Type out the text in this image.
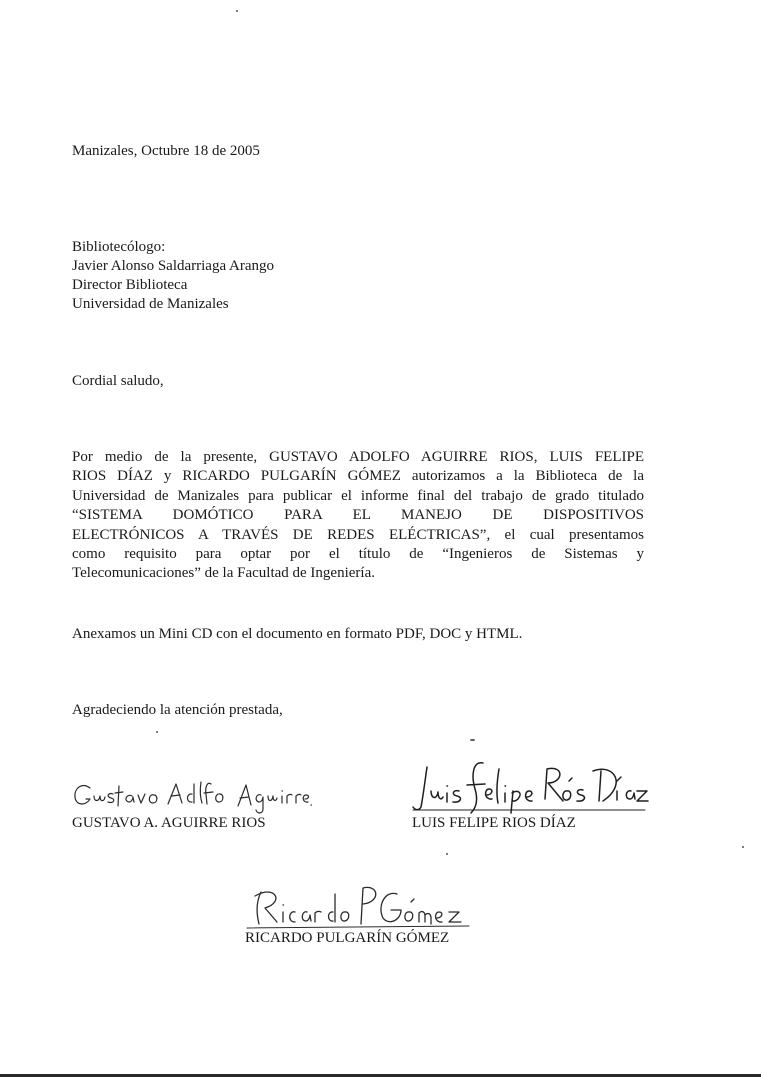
Manizales, Octubre 18 de 2005
Bibliotecólogo:
Javier Alonso Saldarriaga Arango
Director Biblioteca
Universidad de Manizales
Cordial saludo,
Por medio de la presente, GUSTAVO ADOLFO AGUIRRE RIOS, LUIS FELIPE
RIOS DÍAZ y RICARDO PULGARÍN GÓMEZ autorizamos a la Biblioteca de la
Universidad de Manizales para publicar el informe final del trabajo de grado titulado
“SISTEMA DOMÓTICO PARA EL MANEJO DE DISPOSITIVOS
ELECTRÓNICOS A TRAVÉS DE REDES ELÉCTRICAS”, el cual presentamos
como requisito para optar por el título de “Ingenieros de Sistemas y
Telecomunicaciones” de la Facultad de Ingeniería.
Anexamos un Mini CD con el documento en formato PDF, DOC y HTML.
Agradeciendo la atención prestada,
GUSTAVO A. AGUIRRE RIOS	LUIS FELIPE RIOS DÍAZ
RICARDO PULGARÍN GÓMEZ
